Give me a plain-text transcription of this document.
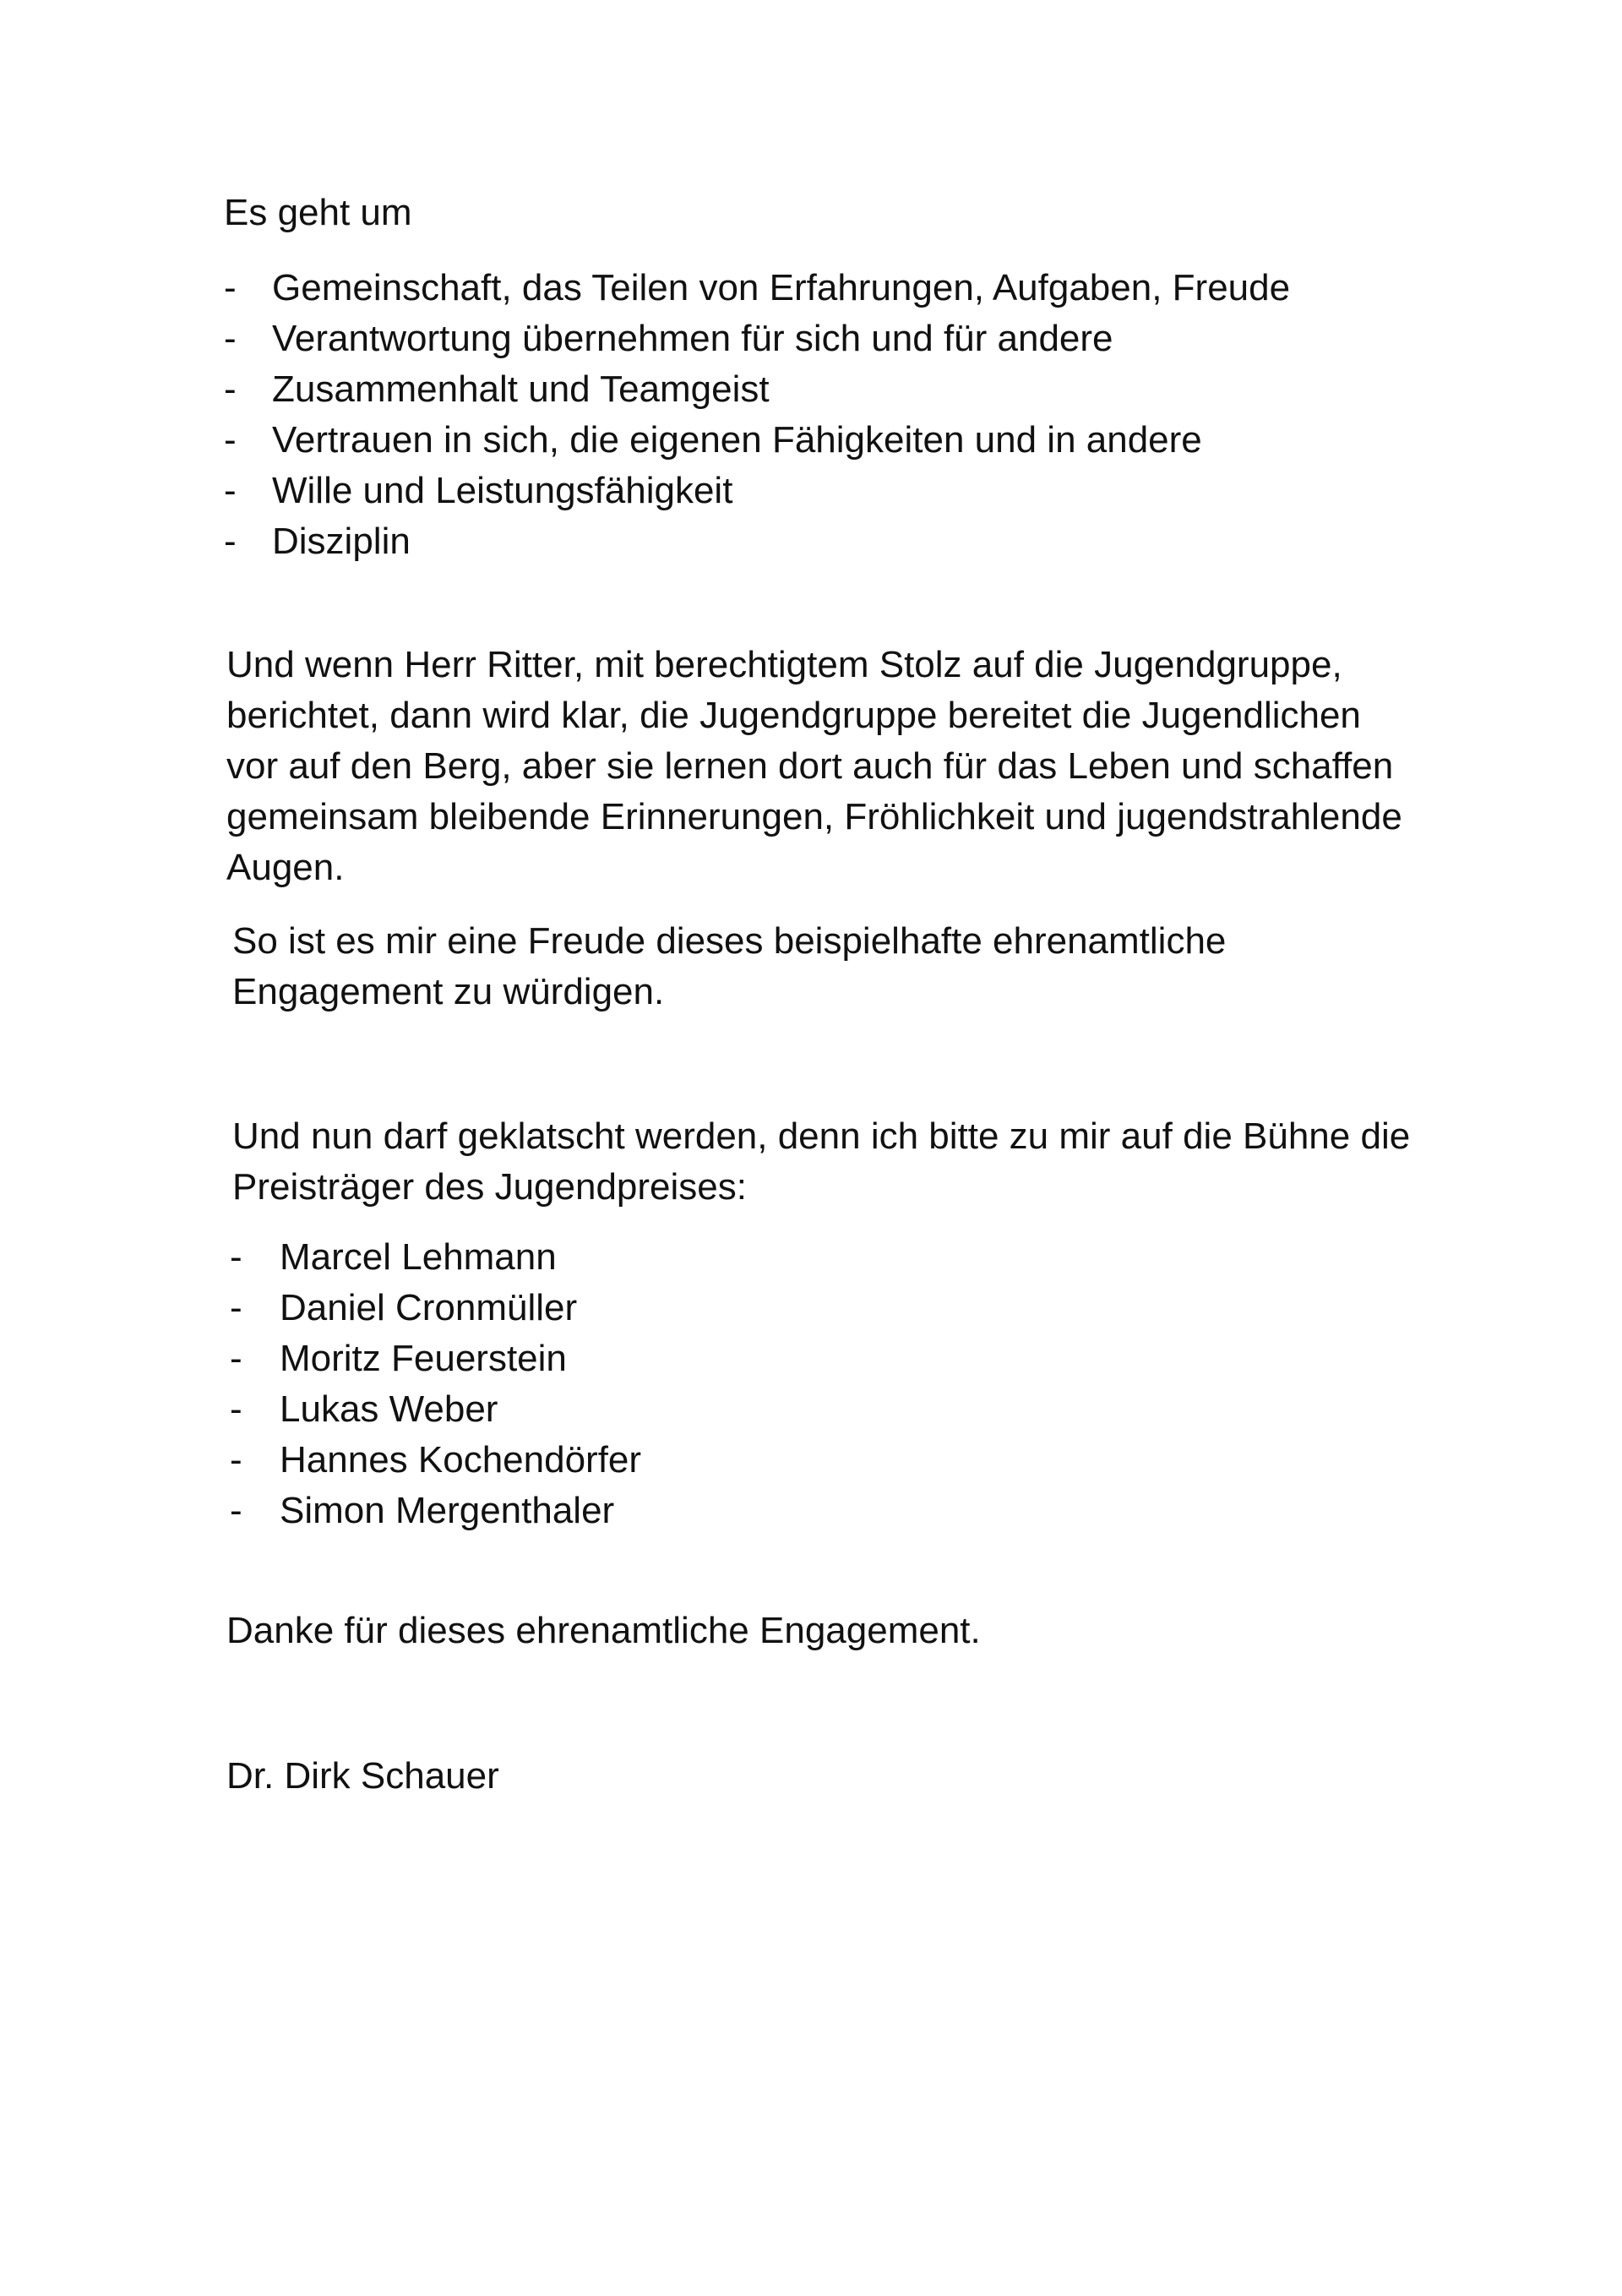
Es geht um

- Gemeinschaft, das Teilen von Erfahrungen, Aufgaben, Freude
- Verantwortung übernehmen für sich und für andere
- Zusammenhalt und Teamgeist
- Vertrauen in sich, die eigenen Fähigkeiten und in andere
- Wille und Leistungsfähigkeit
- Disziplin

Und wenn Herr Ritter, mit berechtigtem Stolz auf die Jugendgruppe,
berichtet, dann wird klar, die Jugendgruppe bereitet die Jugendlichen
vor auf den Berg, aber sie lernen dort auch für das Leben und schaffen
gemeinsam bleibende Erinnerungen, Fröhlichkeit und jugendstrahlende
Augen.

So ist es mir eine Freude dieses beispielhafte ehrenamtliche
Engagement zu würdigen.

Und nun darf geklatscht werden, denn ich bitte zu mir auf die Bühne die
Preisträger des Jugendpreises:

- Marcel Lehmann
- Daniel Cronmüller
- Moritz Feuerstein
- Lukas Weber
- Hannes Kochendörfer
- Simon Mergenthaler

Danke für dieses ehrenamtliche Engagement.

Dr. Dirk Schauer
